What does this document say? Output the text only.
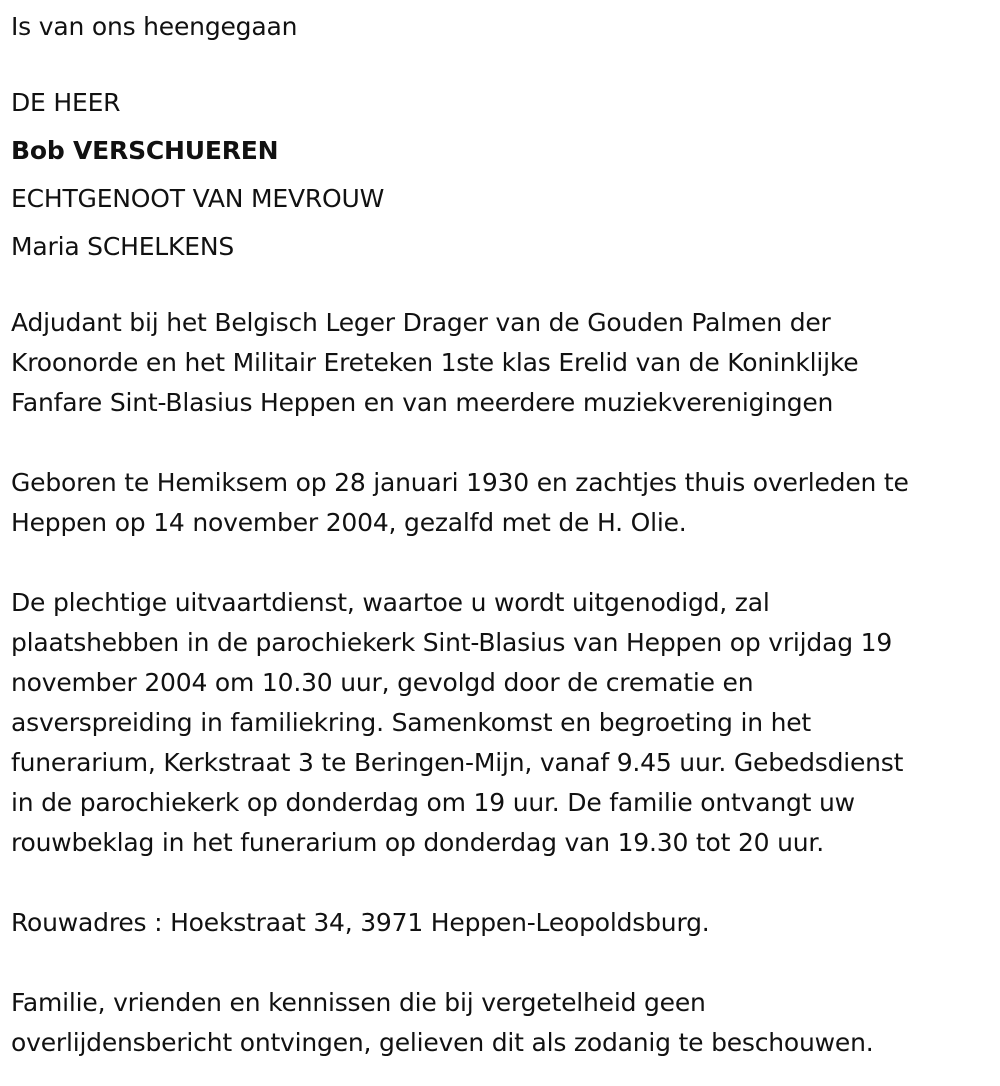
Is van ons heengegaan

DE HEER

Bob VERSCHUEREN

ECHTGENOOT VAN MEVROUW

Maria SCHELKENS

Adjudant bij het Belgisch Leger Drager van de Gouden Palmen der

Kroonorde en het Militair Ereteken 1ste klas Erelid van de Koninklijke

Fanfare Sint-Blasius Heppen en van meerdere muziekverenigingen

Geboren te Hemiksem op 28 januari 1930 en zachtjes thuis overleden te

Heppen op 14 november 2004, gezalfd met de H. Olie.

De plechtige uitvaartdienst, waartoe u wordt uitgenodigd, zal

plaatshebben in de parochiekerk Sint-Blasius van Heppen op vrijdag 19

november 2004 om 10.30 uur, gevolgd door de crematie en

asverspreiding in familiekring. Samenkomst en begroeting in het

funerarium, Kerkstraat 3 te Beringen-Mijn, vanaf 9.45 uur. Gebedsdienst

in de parochiekerk op donderdag om 19 uur. De familie ontvangt uw

rouwbeklag in het funerarium op donderdag van 19.30 tot 20 uur.

Rouwadres : Hoekstraat 34, 3971 Heppen-Leopoldsburg.

Familie, vrienden en kennissen die bij vergetelheid geen

overlijdensbericht ontvingen, gelieven dit als zodanig te beschouwen.
